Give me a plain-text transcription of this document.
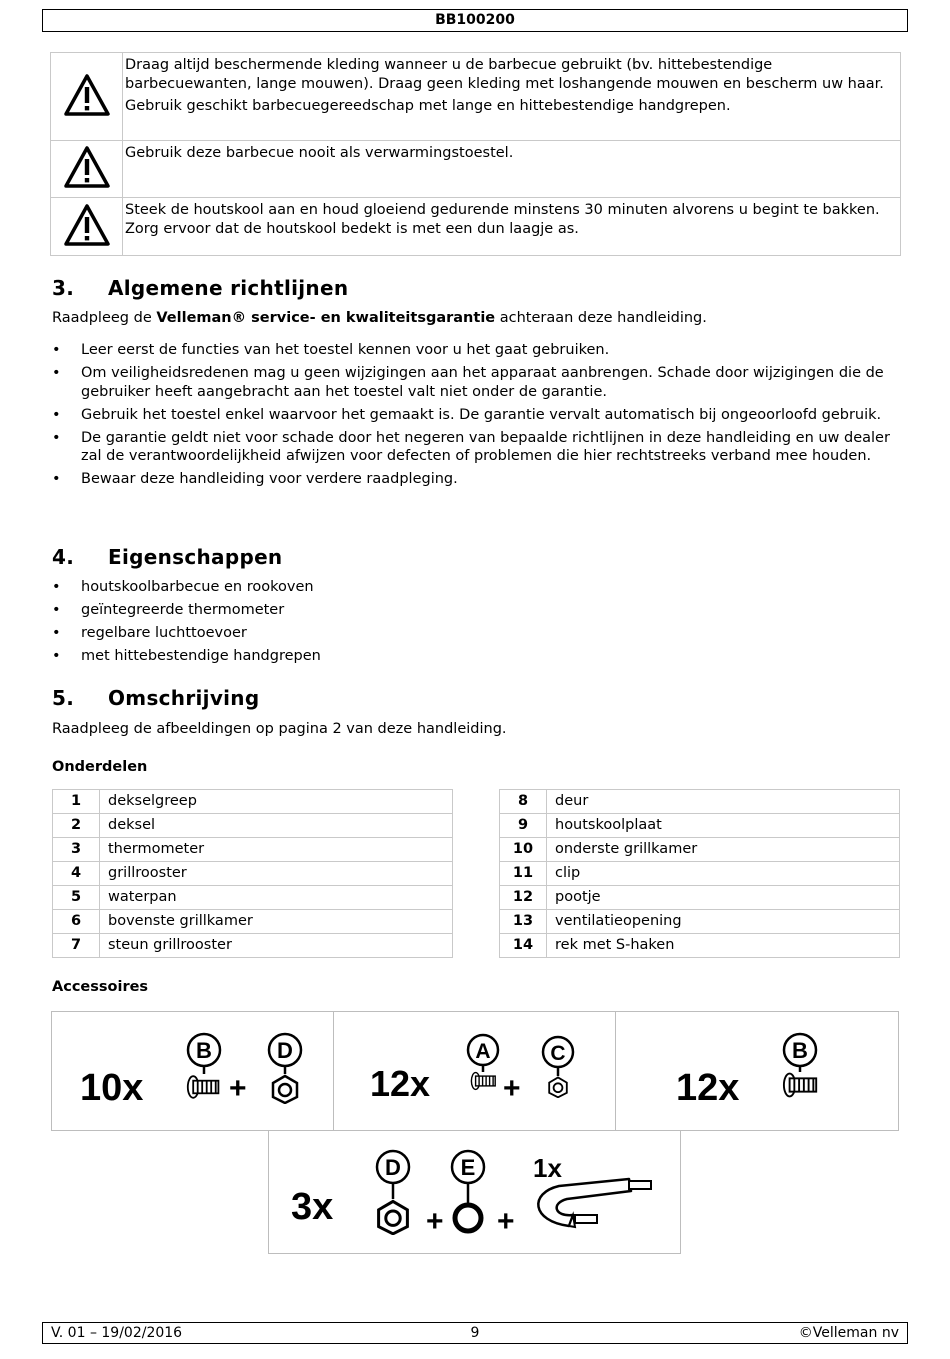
BB100200

Draag altijd beschermende kleding wanneer u de barbecue gebruikt (bv. hittebestendige barbecuewanten, lange mouwen). Draag geen kleding met loshangende mouwen en bescherm uw haar.

Gebruik geschikt barbecuegereedschap met lange en hittebestendige handgrepen.

Gebruik deze barbecue nooit als verwarmingstoestel.

Steek de houtskool aan en houd gloeiend gedurende minstens 30 minuten alvorens u begint te bakken. Zorg ervoor dat de houtskool bedekt is met een dun laagje as.

3. Algemene richtlijnen
Raadpleeg de Velleman® service- en kwaliteitsgarantie achteraan deze handleiding.
• Leer eerst de functies van het toestel kennen voor u het gaat gebruiken.
• Om veiligheidsredenen mag u geen wijzigingen aan het apparaat aanbrengen. Schade door wijzigingen die de gebruiker heeft aangebracht aan het toestel valt niet onder de garantie.
• Gebruik het toestel enkel waarvoor het gemaakt is. De garantie vervalt automatisch bij ongeoorloofd gebruik.
• De garantie geldt niet voor schade door het negeren van bepaalde richtlijnen in deze handleiding en uw dealer zal de verantwoordelijkheid afwijzen voor defecten of problemen die hier rechtstreeks verband mee houden.
• Bewaar deze handleiding voor verdere raadpleging.
4. Eigenschappen
• houtskoolbarbecue en rookoven
• geïntegreerde thermometer
• regelbare luchttoevoer
• met hittebestendige handgrepen
5. Omschrijving
Raadpleeg de afbeeldingen op pagina 2 van deze handleiding.
Onderdelen
1	dekselgreep
2	deksel
3	thermometer
4	grillrooster
5	waterpan
6	bovenste grillkamer
7	steun grillrooster
8	deur
9	houtskoolplaat
10	onderste grillkamer
11	clip
12	pootje
13	ventilatieopening
14	rek met S-haken
Accessoires
10x
B
+
D
12x
A
+
C
12x
B
3x
D
+
E
+
1x
V. 01 – 19/02/2016	9	©Velleman nv
